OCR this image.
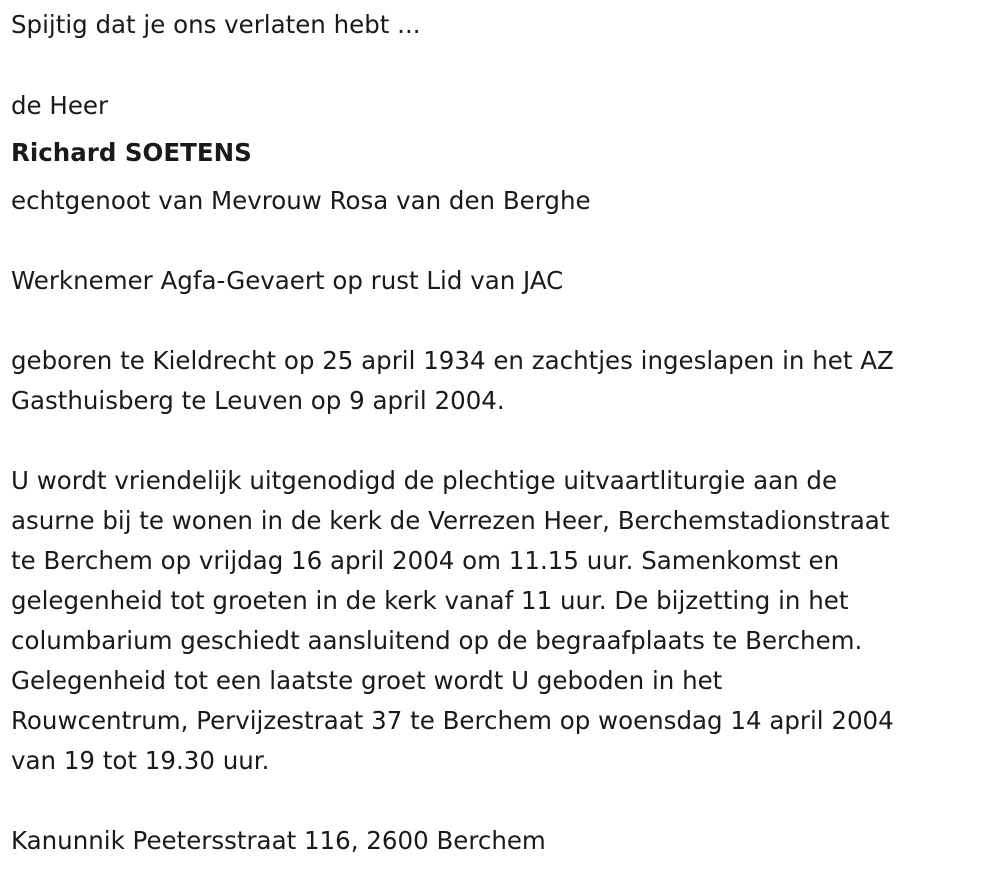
Spijtig dat je ons verlaten hebt ...
de Heer
Richard SOETENS
echtgenoot van Mevrouw Rosa van den Berghe
Werknemer Agfa-Gevaert op rust Lid van JAC
geboren te Kieldrecht op 25 april 1934 en zachtjes ingeslapen in het AZ
Gasthuisberg te Leuven op 9 april 2004.
U wordt vriendelijk uitgenodigd de plechtige uitvaartliturgie aan de
asurne bij te wonen in de kerk de Verrezen Heer, Berchemstadionstraat
te Berchem op vrijdag 16 april 2004 om 11.15 uur. Samenkomst en
gelegenheid tot groeten in de kerk vanaf 11 uur. De bijzetting in het
columbarium geschiedt aansluitend op de begraafplaats te Berchem.
Gelegenheid tot een laatste groet wordt U geboden in het
Rouwcentrum, Pervijzestraat 37 te Berchem op woensdag 14 april 2004
van 19 tot 19.30 uur.
Kanunnik Peetersstraat 116, 2600 Berchem
